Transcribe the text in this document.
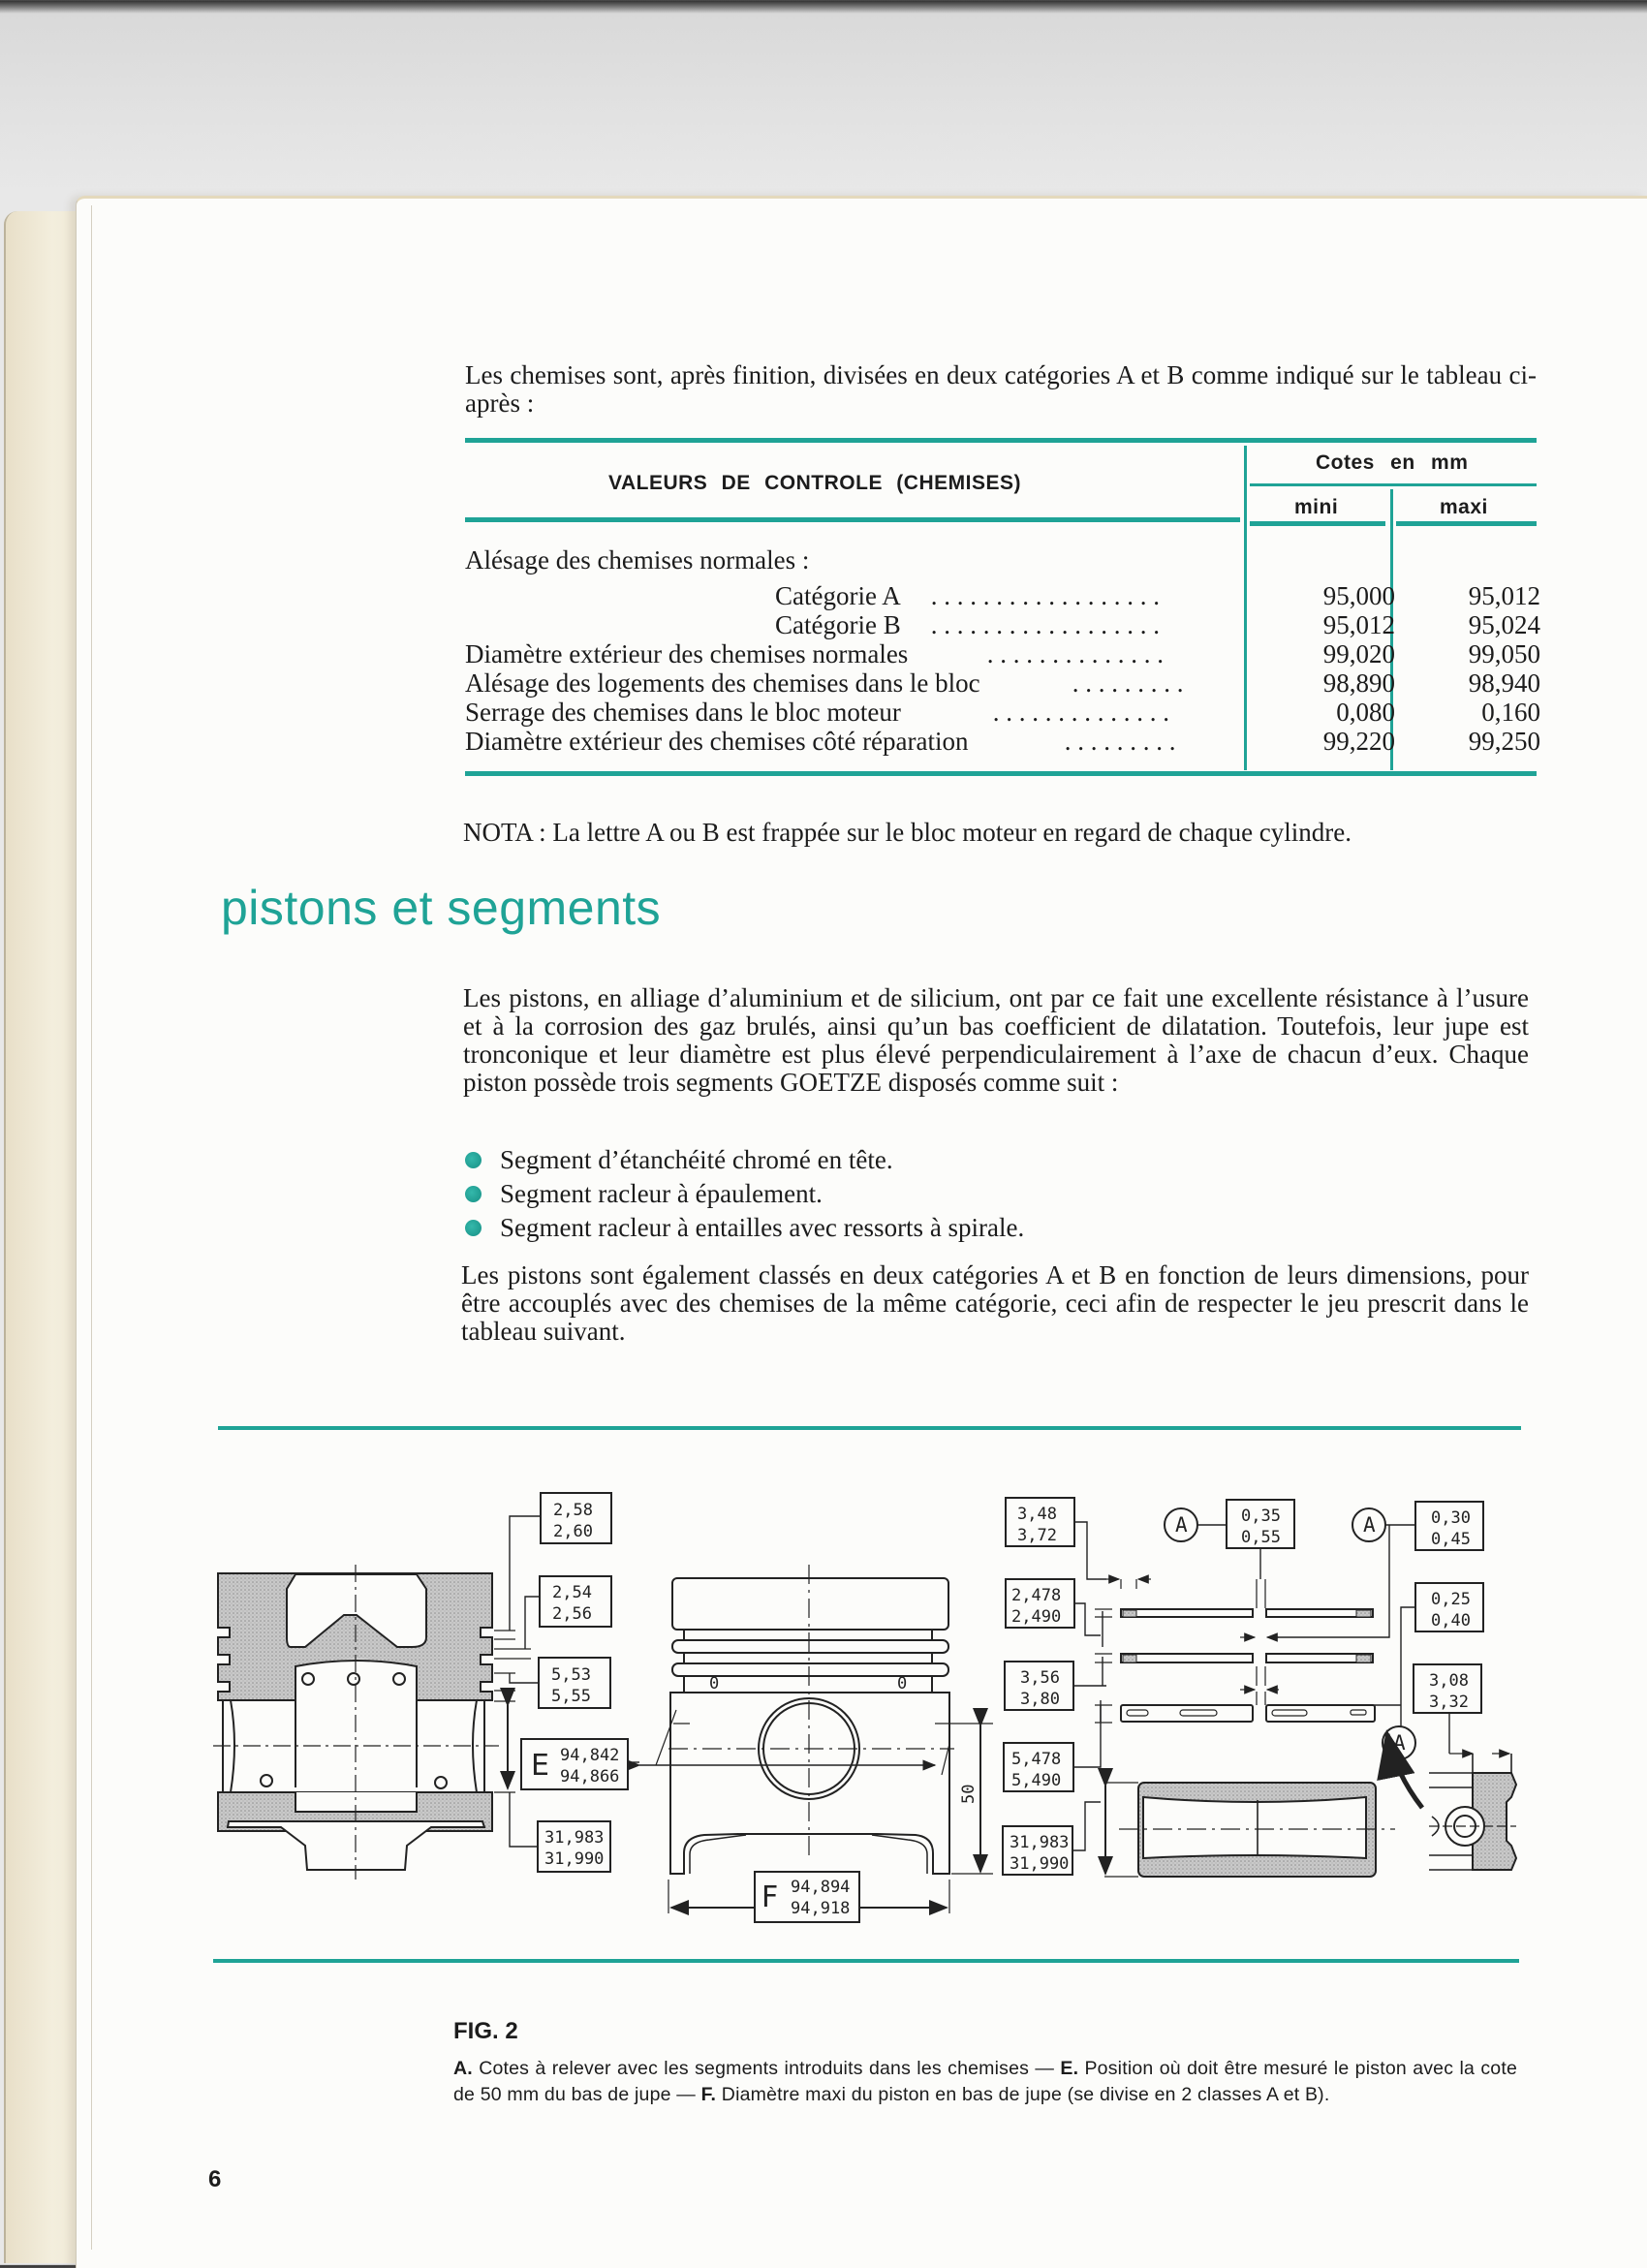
Les chemises sont, après finition, divisées en deux catégories A et B comme indiqué sur le tableau ci-après :

VALEURS DE CONTROLE (CHEMISES)
Cotes en mm
mini	maxi
Alésage des chemises normales :
Catégorie A . . . . . . . . . . . . . . . . . .	95,000	95,012
Catégorie B . . . . . . . . . . . . . . . . . .	95,012	95,024
Diamètre extérieur des chemises normales	. . . . . . . . . . . . . .	99,020	99,050
Alésage des logements des chemises dans le bloc	. . . . . . . . .	98,890	98,940
Serrage des chemises dans le bloc moteur	. . . . . . . . . . . . . .	0,080	0,160
Diamètre extérieur des chemises côté réparation	. . . . . . . . .	99,220	99,250

NOTA : La lettre A ou B est frappée sur le bloc moteur en regard de chaque cylindre.

pistons et segments

Les pistons, en alliage d’aluminium et de silicium, ont par ce fait une excellente résistance à l’usure et à la corrosion des gaz brulés, ainsi qu’un bas coefficient de dilatation. Toutefois, leur jupe est tronconique et leur diamètre est plus élevé perpendiculairement à l’axe de chacun d’eux. Chaque piston possède trois segments GOETZE disposés comme suit :

Segment d’étanchéité chromé en tête.
Segment racleur à épaulement.
Segment racleur à entailles avec ressorts à spirale.

Les pistons sont également classés en deux catégories A et B en fonction de leurs dimensions, pour être accouplés avec des chemises de la même catégorie, ceci afin de respecter le jeu prescrit dans le tableau suivant.

2,58
2,60
2,54
2,56
5,53
5,55
E 94,842
94,866
31,983
31,990
0	0
50
F 94,894
94,918
3,48
3,72
2,478
2,490
3,56
3,80
5,478
5,490
31,983
31,990
0,35
0,55
0,30
0,45
0,25
0,40
3,08
3,32
A	A
A
FIG. 2

A. Cotes à relever avec les segments introduits dans les chemises — E. Position où doit être mesuré le piston avec la cote de 50 mm du bas de jupe — F. Diamètre maxi du piston en bas de jupe (se divise en 2 classes A et B).

6
